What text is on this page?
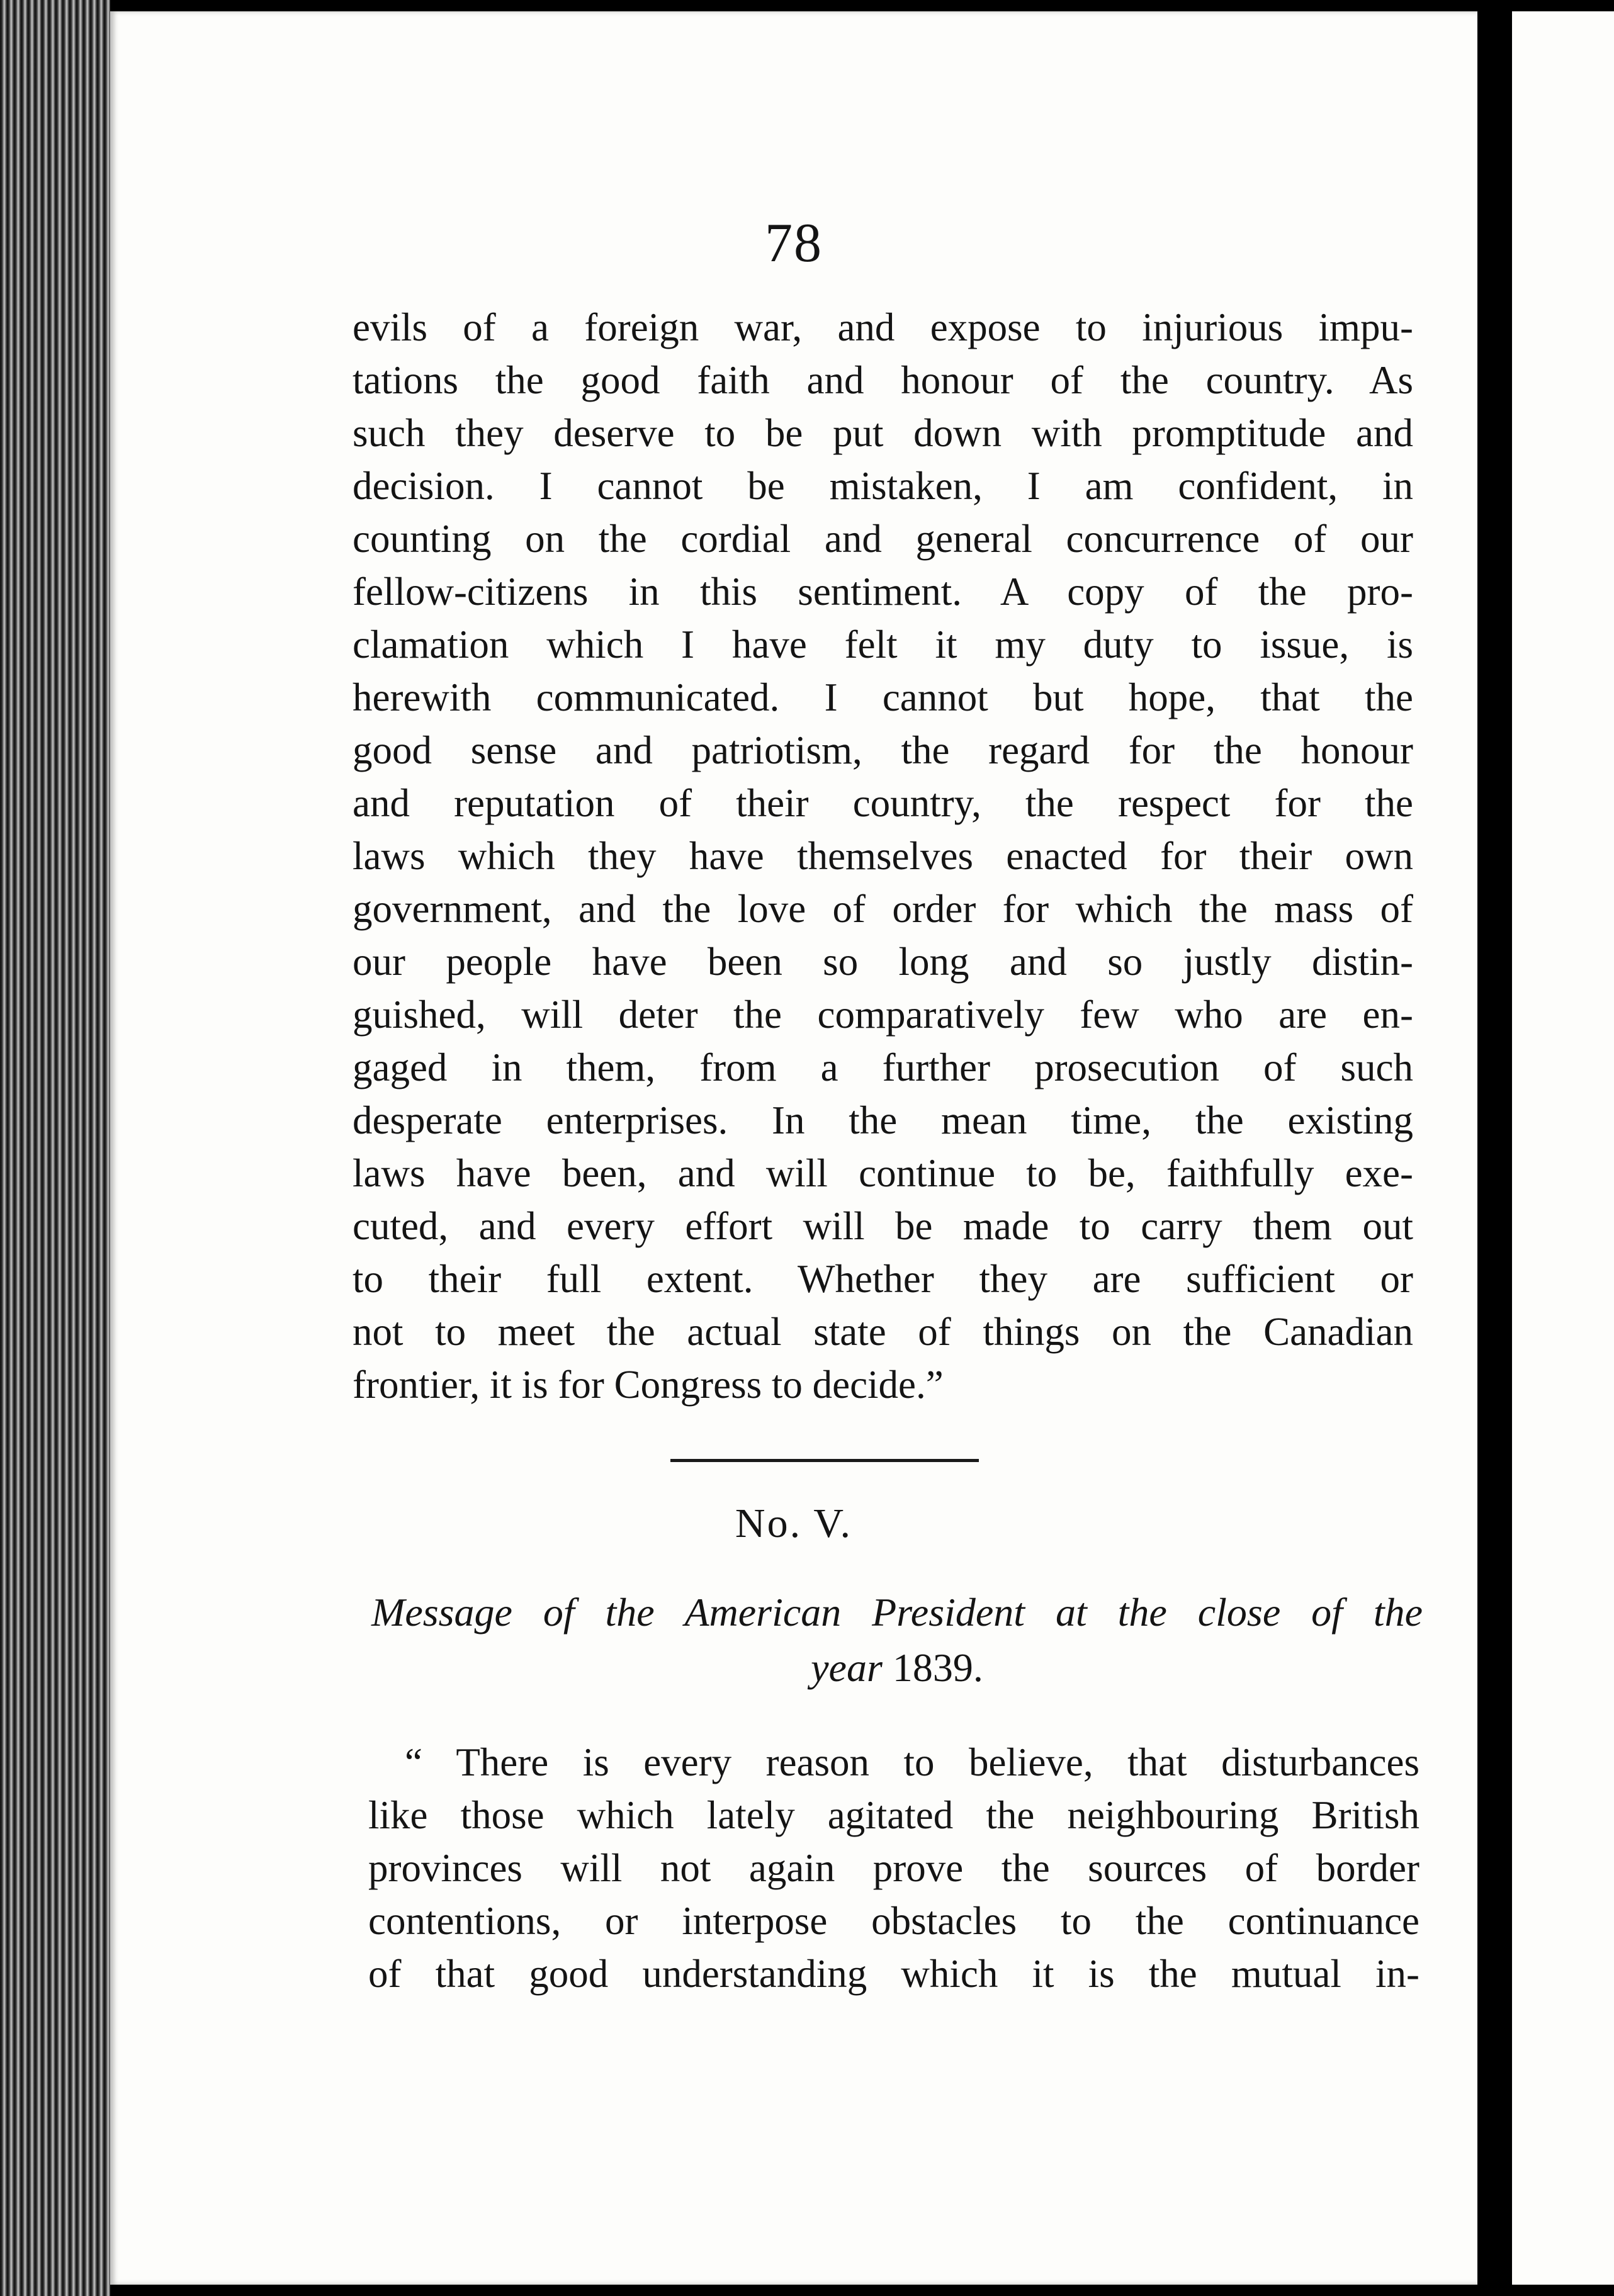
78
evils of a foreign war, and expose to injurious impu-
tations the good faith and honour of the country. As
such they deserve to be put down with promptitude and
decision. I cannot be mistaken, I am confident, in
counting on the cordial and general concurrence of our
fellow-citizens in this sentiment. A copy of the pro-
clamation which I have felt it my duty to issue, is
herewith communicated. I cannot but hope, that the
good sense and patriotism, the regard for the honour
and reputation of their country, the respect for the
laws which they have themselves enacted for their own
government, and the love of order for which the mass of
our people have been so long and so justly distin-
guished, will deter the comparatively few who are en-
gaged in them, from a further prosecution of such
desperate enterprises. In the mean time, the existing
laws have been, and will continue to be, faithfully exe-
cuted, and every effort will be made to carry them out
to their full extent. Whether they are sufficient or
not to meet the actual state of things on the Canadian
frontier, it is for Congress to decide.”
No. V.
Message of the American President at the close of the
year 1839.
“ There is every reason to believe, that disturbances
like those which lately agitated the neighbouring British
provinces will not again prove the sources of border
contentions, or interpose obstacles to the continuance
of that good understanding which it is the mutual in-
